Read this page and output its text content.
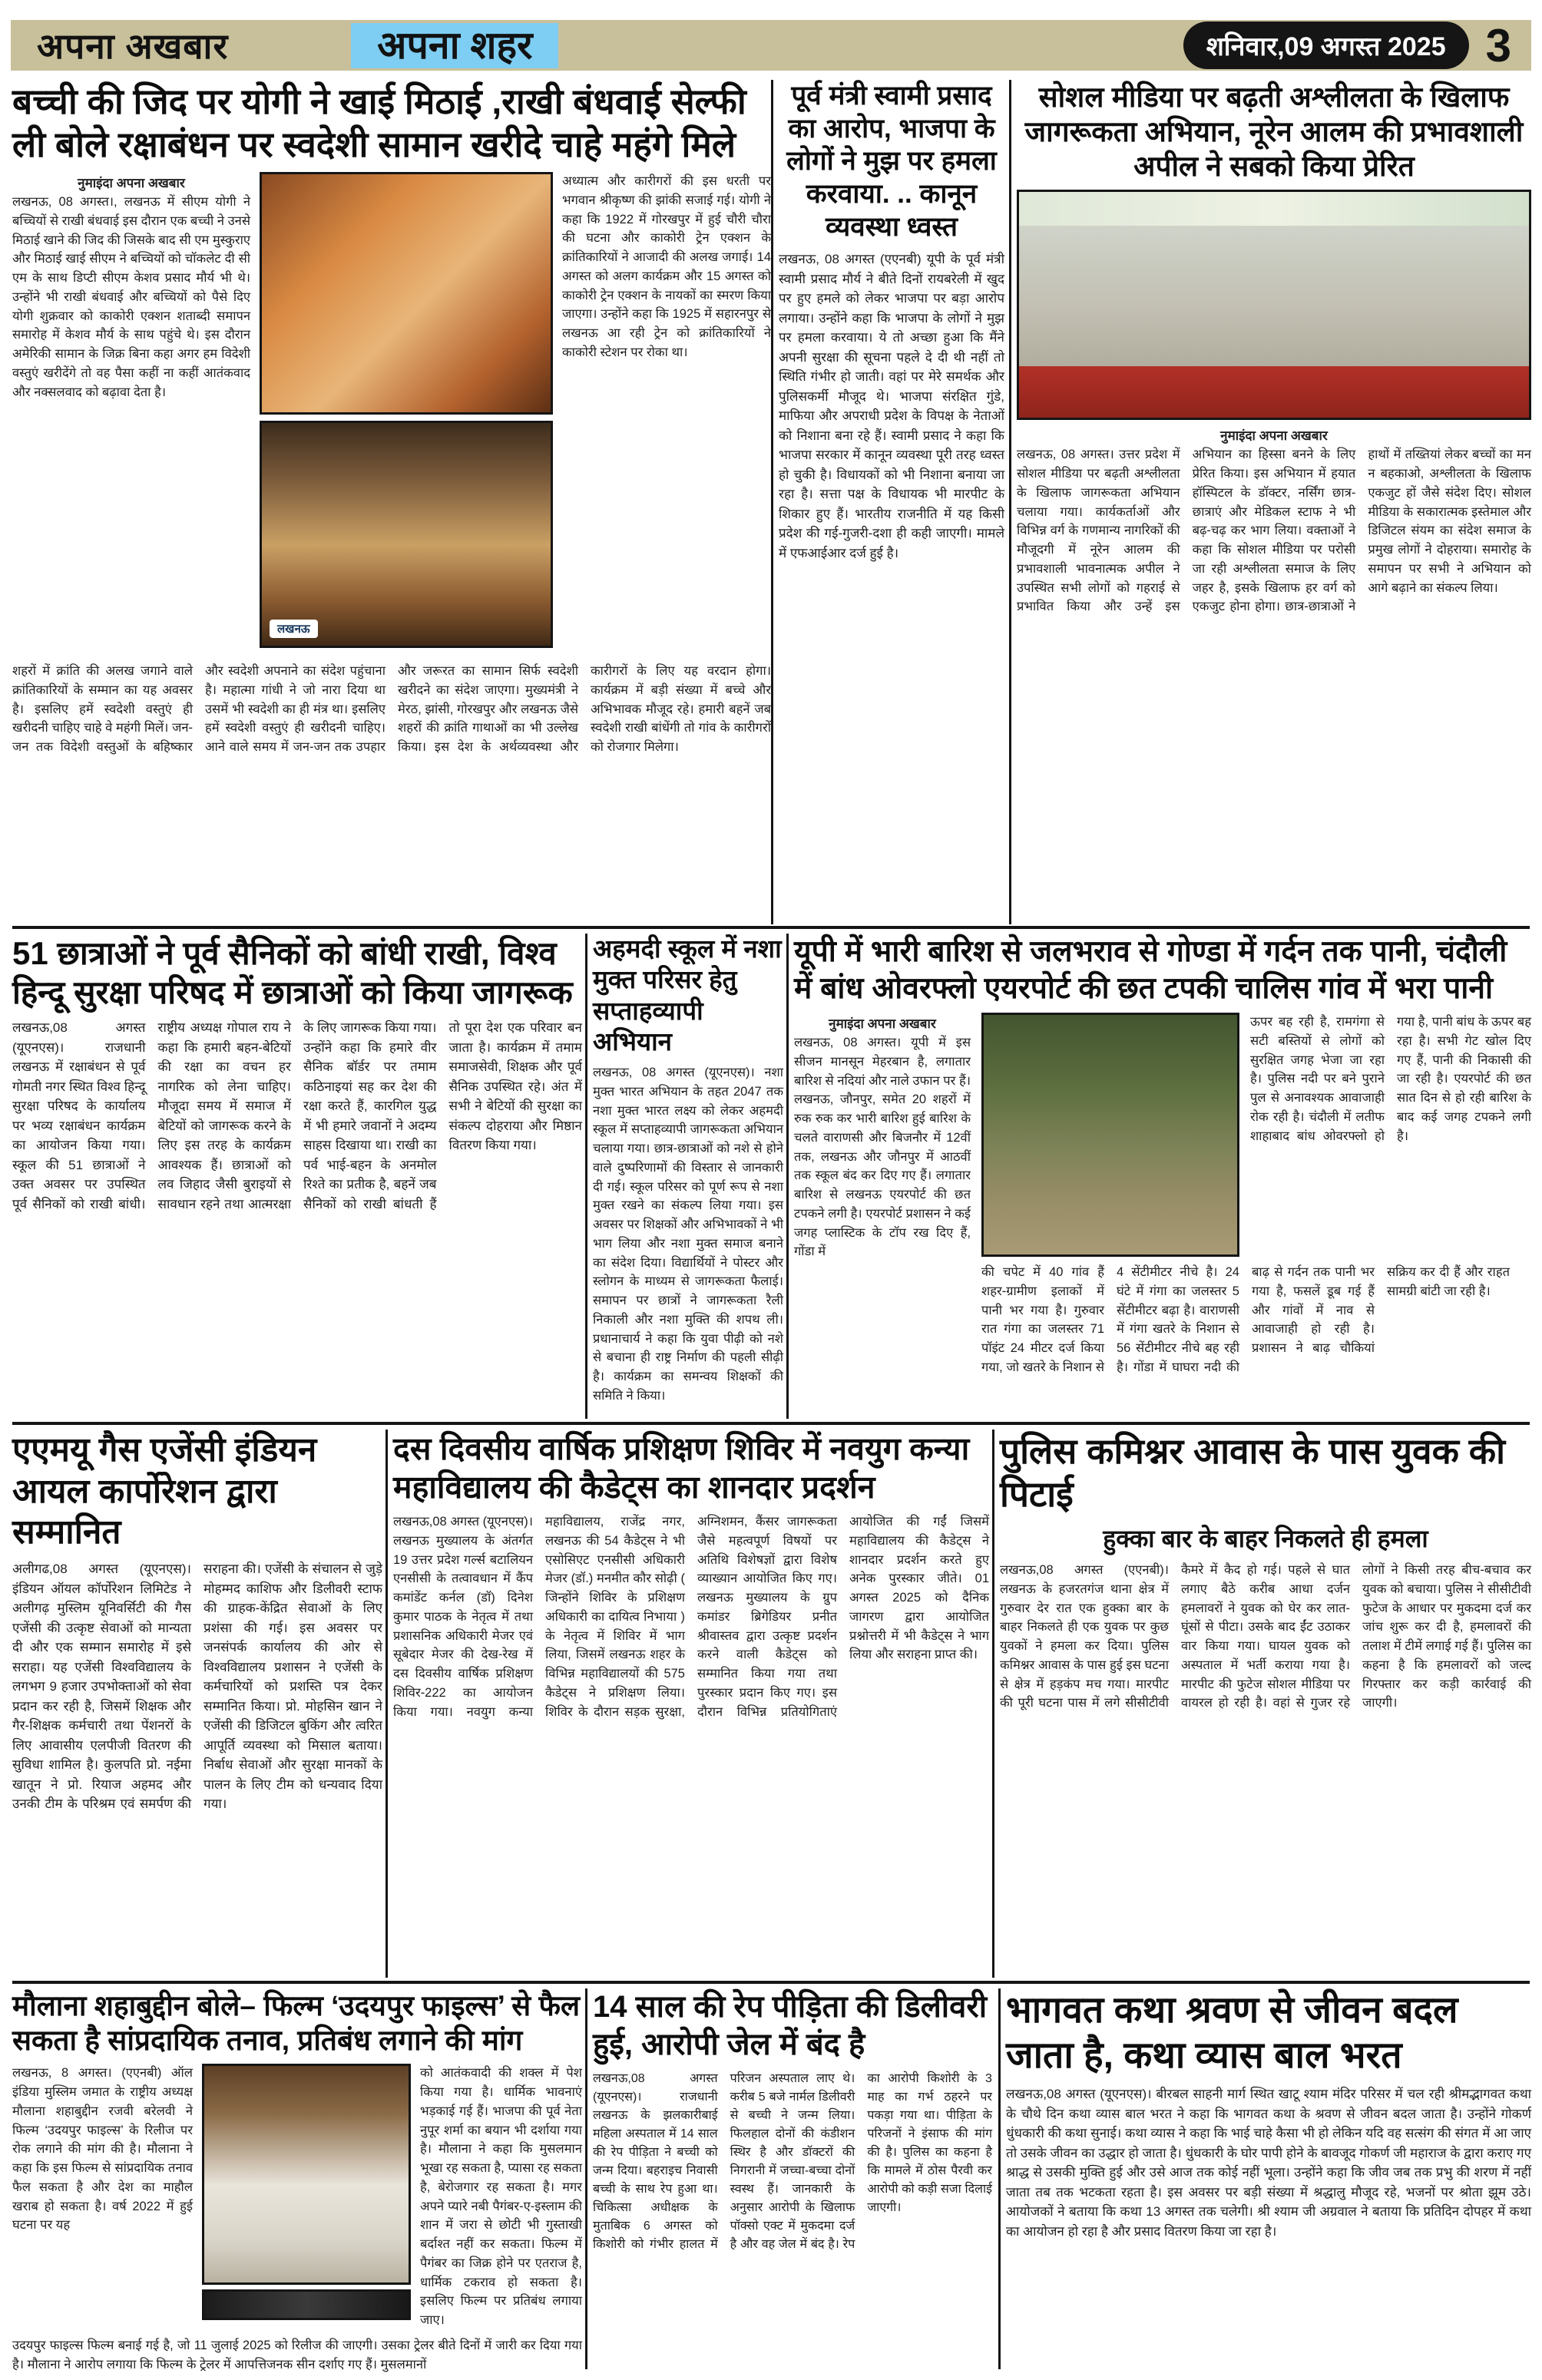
अपना अखबार	अपना शहर	शनिवार,09 अगस्त 2025 3
बच्ची की जिद पर योगी ने खाई मिठाई ,राखी बंधवाई सेल्फी ली बोले रक्षाबंधन पर स्वदेशी सामान खरीदे चाहे महंगे मिले
नुमाइंदा अपना अखबार
लखनऊ, 08 अगस्त।, लखनऊ में सीएम योगी ने बच्चियों से राखी बंधवाई इस दौरान एक बच्ची ने उनसे मिठाई खाने की जिद की जिसके बाद सी एम मुस्कुराए और मिठाई खाई सीएम ने बच्चियों को चॉकलेट दी सी एम के साथ डिप्टी सीएम केशव प्रसाद मौर्य भी थे। उन्होंने भी राखी बंधवाई और बच्चियों को पैसे दिए योगी शुक्रवार को काकोरी एक्शन शताब्दी समापन समारोह में केशव मौर्य के साथ पहुंचे थे। इस दौरान अमेरिकी सामान के जिक्र बिना कहा अगर हम विदेशी वस्तुएं खरीदेंगे तो वह पैसा कहीं ना कहीं आतंकवाद और नक्सलवाद को बढ़ावा देता है।
लखनऊ
अध्यात्म और कारीगरों की इस धरती पर भगवान श्रीकृष्ण की झांकी सजाई गई। योगी ने कहा कि 1922 में गोरखपुर में हुई चौरी चौरा की घटना और काकोरी ट्रेन एक्शन के क्रांतिकारियों ने आजादी की अलख जगाई। 14 अगस्त को अलग कार्यक्रम और 15 अगस्त को काकोरी ट्रेन एक्शन के नायकों का स्मरण किया जाएगा। उन्होंने कहा कि 1925 में सहारनपुर से लखनऊ आ रही ट्रेन को क्रांतिकारियों ने काकोरी स्टेशन पर रोका था।
शहरों में क्रांति की अलख जगाने वाले क्रांतिकारियों के सम्मान का यह अवसर है। इसलिए हमें स्वदेशी वस्तुएं ही खरीदनी चाहिए चाहे वे महंगी मिलें। जन-जन तक विदेशी वस्तुओं के बहिष्कार और स्वदेशी अपनाने का संदेश पहुंचाना है। महात्मा गांधी ने जो नारा दिया था उसमें भी स्वदेशी का ही मंत्र था। इसलिए हमें स्वदेशी वस्तुएं ही खरीदनी चाहिए। आने वाले समय में जन-जन तक उपहार और जरूरत का सामान सिर्फ स्वदेशी खरीदने का संदेश जाएगा। मुख्यमंत्री ने मेरठ, झांसी, गोरखपुर और लखनऊ जैसे शहरों की क्रांति गाथाओं का भी उल्लेख किया। इस देश के अर्थव्यवस्था और कारीगरों के लिए यह वरदान होगा। कार्यक्रम में बड़ी संख्या में बच्चे और अभिभावक मौजूद रहे। हमारी बहनें जब स्वदेशी राखी बांधेंगी तो गांव के कारीगरों को रोजगार मिलेगा।
पूर्व मंत्री स्वामी प्रसाद का आरोप, भाजपा के लोगों ने मुझ पर हमला करवाया. .. कानून व्यवस्था ध्वस्त
लखनऊ, 08 अगस्त (एएनबी) यूपी के पूर्व मंत्री स्वामी प्रसाद मौर्य ने बीते दिनों रायबरेली में खुद पर हुए हमले को लेकर भाजपा पर बड़ा आरोप लगाया। उन्होंने कहा कि भाजपा के लोगों ने मुझ पर हमला करवाया। ये तो अच्छा हुआ कि मैंने अपनी सुरक्षा की सूचना पहले दे दी थी नहीं तो स्थिति गंभीर हो जाती। वहां पर मेरे समर्थक और पुलिसकर्मी मौजूद थे। भाजपा संरक्षित गुंडे, माफिया और अपराधी प्रदेश के विपक्ष के नेताओं को निशाना बना रहे हैं। स्वामी प्रसाद ने कहा कि भाजपा सरकार में कानून व्यवस्था पूरी तरह ध्वस्त हो चुकी है। विधायकों को भी निशाना बनाया जा रहा है। सत्ता पक्ष के विधायक भी मारपीट के शिकार हुए हैं। भारतीय राजनीति में यह किसी प्रदेश की गई-गुजरी-दशा ही कही जाएगी। मामले में एफआईआर दर्ज हुई है।
सोशल मीडिया पर बढ़ती अश्लीलता के खिलाफ जागरूकता अभियान, नूरेन आलम की प्रभावशाली अपील ने सबको किया प्रेरित
नुमाइंदा अपना अखबार
लखनऊ, 08 अगस्त। उत्तर प्रदेश में सोशल मीडिया पर बढ़ती अश्लीलता के खिलाफ जागरूकता अभियान चलाया गया। कार्यकर्ताओं और विभिन्न वर्ग के गणमान्य नागरिकों की मौजूदगी में नूरेन आलम की प्रभावशाली भावनात्मक अपील ने उपस्थित सभी लोगों को गहराई से प्रभावित किया और उन्हें इस अभियान का हिस्सा बनने के लिए प्रेरित किया। इस अभियान में हयात हॉस्पिटल के डॉक्टर, नर्सिंग छात्र-छात्राएं और मेडिकल स्टाफ ने भी बढ़-चढ़ कर भाग लिया। वक्ताओं ने कहा कि सोशल मीडिया पर परोसी जा रही अश्लीलता समाज के लिए जहर है, इसके खिलाफ हर वर्ग को एकजुट होना होगा। छात्र-छात्राओं ने हाथों में तख्तियां लेकर बच्चों का मन न बहकाओ, अश्लीलता के खिलाफ एकजुट हों जैसे संदेश दिए। सोशल मीडिया के सकारात्मक इस्तेमाल और डिजिटल संयम का संदेश समाज के प्रमुख लोगों ने दोहराया। समारोह के समापन पर सभी ने अभियान को आगे बढ़ाने का संकल्प लिया।
51 छात्राओं ने पूर्व सैनिकों को बांधी राखी, विश्व हिन्दू सुरक्षा परिषद में छात्राओं को किया जागरूक
लखनऊ,08 अगस्त (यूएनएस)। राजधानी लखनऊ में रक्षाबंधन से पूर्व गोमती नगर स्थित विश्व हिन्दू सुरक्षा परिषद के कार्यालय पर भव्य रक्षाबंधन कार्यक्रम का आयोजन किया गया। स्कूल की 51 छात्राओं ने उक्त अवसर पर उपस्थित पूर्व सैनिकों को राखी बांधी। राष्ट्रीय अध्यक्ष गोपाल राय ने कहा कि हमारी बहन-बेटियों की रक्षा का वचन हर नागरिक को लेना चाहिए। मौजूदा समय में समाज में बेटियों को जागरूक करने के लिए इस तरह के कार्यक्रम आवश्यक हैं। छात्राओं को लव जिहाद जैसी बुराइयों से सावधान रहने तथा आत्मरक्षा के लिए जागरूक किया गया। उन्होंने कहा कि हमारे वीर सैनिक बॉर्डर पर तमाम कठिनाइयां सह कर देश की रक्षा करते हैं, कारगिल युद्ध में भी हमारे जवानों ने अदम्य साहस दिखाया था। राखी का पर्व भाई-बहन के अनमोल रिश्ते का प्रतीक है, बहनें जब सैनिकों को राखी बांधती हैं तो पूरा देश एक परिवार बन जाता है। कार्यक्रम में तमाम समाजसेवी, शिक्षक और पूर्व सैनिक उपस्थित रहे। अंत में सभी ने बेटियों की सुरक्षा का संकल्प दोहराया और मिष्ठान वितरण किया गया।
अहमदी स्कूल में नशा मुक्त परिसर हेतु सप्ताहव्यापी अभियान
लखनऊ, 08 अगस्त (यूएनएस)। नशा मुक्त भारत अभियान के तहत 2047 तक नशा मुक्त भारत लक्ष्य को लेकर अहमदी स्कूल में सप्ताहव्यापी जागरूकता अभियान चलाया गया। छात्र-छात्राओं को नशे से होने वाले दुष्परिणामों की विस्तार से जानकारी दी गई। स्कूल परिसर को पूर्ण रूप से नशा मुक्त रखने का संकल्प लिया गया। इस अवसर पर शिक्षकों और अभिभावकों ने भी भाग लिया और नशा मुक्त समाज बनाने का संदेश दिया। विद्यार्थियों ने पोस्टर और स्लोगन के माध्यम से जागरूकता फैलाई। समापन पर छात्रों ने जागरूकता रैली निकाली और नशा मुक्ति की शपथ ली। प्रधानाचार्य ने कहा कि युवा पीढ़ी को नशे से बचाना ही राष्ट्र निर्माण की पहली सीढ़ी है। कार्यक्रम का समन्वय शिक्षकों की समिति ने किया।
यूपी में भारी बारिश से जलभराव से गोण्डा में गर्दन तक पानी, चंदौली में बांध ओवरफ्लो एयरपोर्ट की छत टपकी चालिस गांव में भरा पानी
नुमाइंदा अपना अखबार
लखनऊ, 08 अगस्त। यूपी में इस सीजन मानसून मेहरबान है, लगातार बारिश से नदियां और नाले उफान पर हैं। लखनऊ, जौनपुर, समेत 20 शहरों में रुक रुक कर भारी बारिश हुई बारिश के चलते वाराणसी और बिजनौर में 12वीं तक, लखनऊ और जौनपुर में आठवीं तक स्कूल बंद कर दिए गए हैं। लगातार बारिश से लखनऊ एयरपोर्ट की छत टपकने लगी है। एयरपोर्ट प्रशासन ने कई जगह प्लास्टिक के टॉप रख दिए हैं, गोंडा में
की चपेट में 40 गांव हैं शहर-ग्रामीण इलाकों में पानी भर गया है। गुरुवार रात गंगा का जलस्तर 71 पॉइंट 24 मीटर दर्ज किया गया, जो खतरे के निशान से 4 सेंटीमीटर नीचे है। 24 घंटे में गंगा का जलस्तर 5 सेंटीमीटर बढ़ा है। वाराणसी में गंगा खतरे के निशान से 56 सेंटीमीटर नीचे बह रही है। गोंडा में घाघरा नदी की बाढ़ से गर्दन तक पानी भर गया है, फसलें डूब गई हैं और गांवों में नाव से आवाजाही हो रही है। प्रशासन ने बाढ़ चौकियां सक्रिय कर दी हैं और राहत सामग्री बांटी जा रही है।
ऊपर बह रही है, रामगंगा से सटी बस्तियों से लोगों को सुरक्षित जगह भेजा जा रहा है। पुलिस नदी पर बने पुराने पुल से अनावश्यक आवाजाही रोक रही है। चंदौली में लतीफ शाहाबाद बांध ओवरफ्लो हो गया है, पानी बांध के ऊपर बह रहा है। सभी गेट खोल दिए गए हैं, पानी की निकासी की जा रही है। एयरपोर्ट की छत सात दिन से हो रही बारिश के बाद कई जगह टपकने लगी है।
एएमयू गैस एजेंसी इंडियन आयल कार्पोरेशन द्वारा सम्मानित
अलीगढ,08 अगस्त (यूएनएस)। इंडियन ऑयल कॉर्पोरेशन लिमिटेड ने अलीगढ़ मुस्लिम यूनिवर्सिटी की गैस एजेंसी की उत्कृष्ट सेवाओं को मान्यता दी और एक सम्मान समारोह में इसे सराहा। यह एजेंसी विश्वविद्यालय के लगभग 9 हजार उपभोक्ताओं को सेवा प्रदान कर रही है, जिसमें शिक्षक और गैर-शिक्षक कर्मचारी तथा पेंशनरों के लिए आवासीय एलपीजी वितरण की सुविधा शामिल है। कुलपति प्रो. नईमा खातून ने प्रो. रियाज अहमद और उनकी टीम के परिश्रम एवं समर्पण की सराहना की। एजेंसी के संचालन से जुड़े मोहम्मद काशिफ और डिलीवरी स्टाफ की ग्राहक-केंद्रित सेवाओं के लिए प्रशंसा की गई। इस अवसर पर जनसंपर्क कार्यालय की ओर से विश्वविद्यालय प्रशासन ने एजेंसी के कर्मचारियों को प्रशस्ति पत्र देकर सम्मानित किया। प्रो. मोहसिन खान ने एजेंसी की डिजिटल बुकिंग और त्वरित आपूर्ति व्यवस्था को मिसाल बताया। निर्बाध सेवाओं और सुरक्षा मानकों के पालन के लिए टीम को धन्यवाद दिया गया।
दस दिवसीय वार्षिक प्रशिक्षण शिविर में नवयुग कन्या महाविद्यालय की कैडेट्स का शानदार प्रदर्शन
लखनऊ,08 अगस्त (यूएनएस)। लखनऊ मुख्यालय के अंतर्गत 19 उत्तर प्रदेश गर्ल्स बटालियन एनसीसी के तत्वावधान में कैंप कमांडेंट कर्नल (डॉ) दिनेश कुमार पाठक के नेतृत्व में तथा प्रशासनिक अधिकारी मेजर एवं सूबेदार मेजर की देख-रेख में दस दिवसीय वार्षिक प्रशिक्षण शिविर-222 का आयोजन किया गया। नवयुग कन्या महाविद्यालय, राजेंद्र नगर, लखनऊ की 54 कैडेट्स ने भी एसोसिएट एनसीसी अधिकारी मेजर (डॉ.) मनमीत कौर सोढ़ी ( जिन्होंने शिविर के प्रशिक्षण अधिकारी का दायित्व निभाया ) के नेतृत्व में शिविर में भाग लिया, जिसमें लखनऊ शहर के विभिन्न महाविद्यालयों की 575 कैडेट्स ने प्रशिक्षण लिया। शिविर के दौरान सड़क सुरक्षा, अग्निशमन, कैंसर जागरूकता जैसे महत्वपूर्ण विषयों पर अतिथि विशेषज्ञों द्वारा विशेष व्याख्यान आयोजित किए गए। लखनऊ मुख्यालय के ग्रुप कमांडर ब्रिगेडियर प्रनीत श्रीवास्तव द्वारा उत्कृष्ट प्रदर्शन करने वाली कैडेट्स को सम्मानित किया गया तथा पुरस्कार प्रदान किए गए। इस दौरान विभिन्न प्रतियोगिताएं आयोजित की गईं जिसमें महाविद्यालय की कैडेट्स ने शानदार प्रदर्शन करते हुए अनेक पुरस्कार जीते। 01 अगस्त 2025 को दैनिक जागरण द्वारा आयोजित प्रश्नोत्तरी में भी कैडेट्स ने भाग लिया और सराहना प्राप्त की।
पुलिस कमिश्नर आवास के पास युवक की पिटाई
हुक्का बार के बाहर निकलते ही हमला
लखनऊ,08 अगस्त (एएनबी)। लखनऊ के हजरतगंज थाना क्षेत्र में गुरुवार देर रात एक हुक्का बार के बाहर निकलते ही एक युवक पर कुछ युवकों ने हमला कर दिया। पुलिस कमिश्नर आवास के पास हुई इस घटना से क्षेत्र में हड़कंप मच गया। मारपीट की पूरी घटना पास में लगे सीसीटीवी कैमरे में कैद हो गई। पहले से घात लगाए बैठे करीब आधा दर्जन हमलावरों ने युवक को घेर कर लात-घूंसों से पीटा। उसके बाद ईंट उठाकर वार किया गया। घायल युवक को अस्पताल में भर्ती कराया गया है। मारपीट की फुटेज सोशल मीडिया पर वायरल हो रही है। वहां से गुजर रहे लोगों ने किसी तरह बीच-बचाव कर युवक को बचाया। पुलिस ने सीसीटीवी फुटेज के आधार पर मुकदमा दर्ज कर जांच शुरू कर दी है, हमलावरों की तलाश में टीमें लगाई गई हैं। पुलिस का कहना है कि हमलावरों को जल्द गिरफ्तार कर कड़ी कार्रवाई की जाएगी।
मौलाना शहाबुद्दीन बोले– फिल्म ‘उदयपुर फाइल्स’ से फैल सकता है सांप्रदायिक तनाव, प्रतिबंध लगाने की मांग
लखनऊ, 8 अगस्त। (एएनबी) ऑल इंडिया मुस्लिम जमात के राष्ट्रीय अध्यक्ष मौलाना शहाबुद्दीन रजवी बरेलवी ने फिल्म ‘उदयपुर फाइल्स’ के रिलीज पर रोक लगाने की मांग की है। मौलाना ने कहा कि इस फिल्म से सांप्रदायिक तनाव फैल सकता है और देश का माहौल खराब हो सकता है। वर्ष 2022 में हुई घटना पर यह
को आतंकवादी की शक्ल में पेश किया गया है। धार्मिक भावनाएं भड़काई गई हैं। भाजपा की पूर्व नेता नुपूर शर्मा का बयान भी दर्शाया गया है। मौलाना ने कहा कि मुसलमान भूखा रह सकता है, प्यासा रह सकता है, बेरोजगार रह सकता है। मगर अपने प्यारे नबी पैगंबर-ए-इस्लाम की शान में जरा से छोटी भी गुस्ताखी बर्दाश्त नहीं कर सकता। फिल्म में पैगंबर का जिक्र होने पर एतराज है, धार्मिक टकराव हो सकता है। इसलिए फिल्म पर प्रतिबंध लगाया जाए।
उदयपुर फाइल्स फिल्म बनाई गई है, जो 11 जुलाई 2025 को रिलीज की जाएगी। उसका ट्रेलर बीते दिनों में जारी कर दिया गया है। मौलाना ने आरोप लगाया कि फिल्म के ट्रेलर में आपत्तिजनक सीन दर्शाए गए हैं। मुसलमानों
14 साल की रेप पीड़िता की डिलीवरी हुई, आरोपी जेल में बंद है
लखनऊ,08 अगस्त (यूएनएस)। राजधानी लखनऊ के झलकारीबाई महिला अस्पताल में 14 साल की रेप पीड़िता ने बच्ची को जन्म दिया। बहराइच निवासी बच्ची के साथ रेप हुआ था। चिकित्सा अधीक्षक के मुताबिक 6 अगस्त को किशोरी को गंभीर हालत में परिजन अस्पताल लाए थे। करीब 5 बजे नार्मल डिलीवरी से बच्ची ने जन्म लिया। फिलहाल दोनों की कंडीशन स्थिर है और डॉक्टरों की निगरानी में जच्चा-बच्चा दोनों स्वस्थ हैं। जानकारी के अनुसार आरोपी के खिलाफ पॉक्सो एक्ट में मुकदमा दर्ज है और वह जेल में बंद है। रेप का आरोपी किशोरी के 3 माह का गर्भ ठहरने पर पकड़ा गया था। पीड़िता के परिजनों ने इंसाफ की मांग की है। पुलिस का कहना है कि मामले में ठोस पैरवी कर आरोपी को कड़ी सजा दिलाई जाएगी।
भागवत कथा श्रवण से जीवन बदल जाता है, कथा व्यास बाल भरत
लखनऊ,08 अगस्त (यूएनएस)। बीरबल साहनी मार्ग स्थित खाटू श्याम मंदिर परिसर में चल रही श्रीमद्भागवत कथा के चौथे दिन कथा व्यास बाल भरत ने कहा कि भागवत कथा के श्रवण से जीवन बदल जाता है। उन्होंने गोकर्ण धुंधकारी की कथा सुनाई। कथा व्यास ने कहा कि भाई चाहे कैसा भी हो लेकिन यदि वह सत्संग की संगत में आ जाए तो उसके जीवन का उद्धार हो जाता है। धुंधकारी के घोर पापी होने के बावजूद गोकर्ण जी महाराज के द्वारा कराए गए श्राद्ध से उसकी मुक्ति हुई और उसे आज तक कोई नहीं भूला। उन्होंने कहा कि जीव जब तक प्रभु की शरण में नहीं जाता तब तक भटकता रहता है। इस अवसर पर बड़ी संख्या में श्रद्धालु मौजूद रहे, भजनों पर श्रोता झूम उठे। आयोजकों ने बताया कि कथा 13 अगस्त तक चलेगी। श्री श्याम जी अग्रवाल ने बताया कि प्रतिदिन दोपहर में कथा का आयोजन हो रहा है और प्रसाद वितरण किया जा रहा है।
